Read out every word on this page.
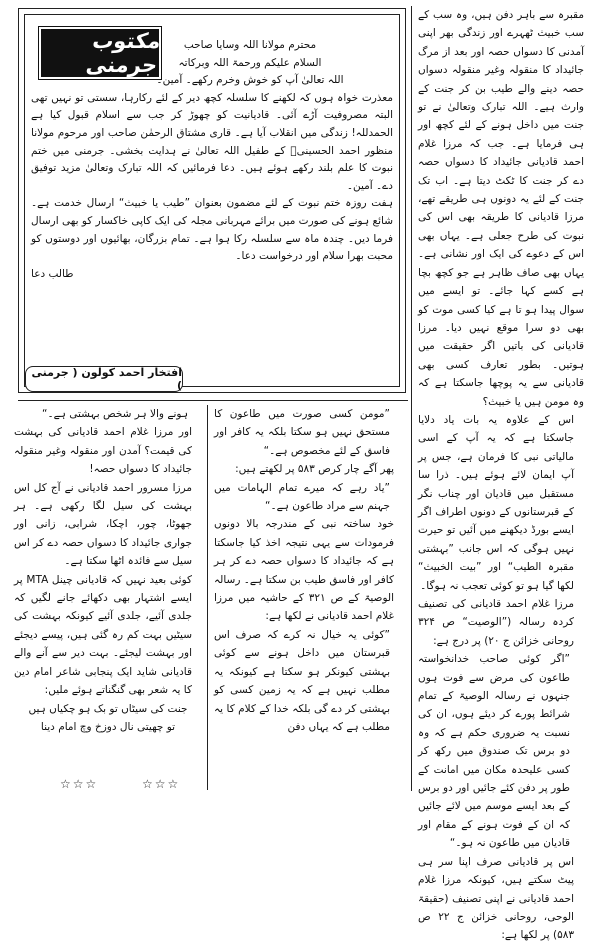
مکتوب جرمنی

محترم مولانا اللہ وسایا صاحب

السلام علیکم ورحمۃ اللہ وبرکاتہ

اللہ تعالیٰ آپ کو خوش وخرم رکھے۔ آمین۔

معذرت خواہ ہوں کہ لکھنے کا سلسلہ کچھ دیر کے لئے رکارہا، سستی تو نہیں تھی البتہ مصروفیت آڑے آئی۔ قادیانیت کو چھوڑ کر جب سے اسلام قبول کیا ہے الحمدللہ! زندگی میں انقلاب آیا ہے۔ قاری مشتاق الرحمٰن صاحب اور مرحوم مولانا منظور احمد الحسینیؒ کے طفیل اللہ تعالیٰ نے ہدایت بخشی۔ جرمنی میں ختم نبوت کا علم بلند رکھے ہوئے ہیں۔ دعا فرمائیں کہ اللہ تبارک وتعالیٰ مزید توفیق دے۔ آمین۔

ہفت روزہ ختم نبوت کے لئے مضمون بعنوان ”طیب یا خبیث“ ارسال خدمت ہے۔ شائع ہونے کی صورت میں برائے مہربانی مجلہ کی ایک کاپی خاکسار کو بھی ارسال فرما دیں۔ چندہ ماہ سے سلسلہ رکا ہوا ہے۔ تمام بزرگان، بھائیوں اور دوستوں کو محبت بھرا سلام اور درخواست دعا۔

طالب دعا

افتخار احمد کولون ( جرمنی )

مقبرہ سے باہر دفن ہیں، وہ سب کے سب خبیث ٹھہرے اور زندگی بھر اپنی آمدنی کا دسواں حصہ اور بعد از مرگ جائیداد کا منقولہ وغیر منقولہ دسواں حصہ دینے والے طیب بن کر جنت کے وارث ہیے۔ اللہ تبارک وتعالیٰ نے تو جنت میں داخل ہونے کے لئے کچھ اور ہی فرمایا ہے۔ جب کہ مرزا غلام احمد قادیانی جائیداد کا دسواں حصہ دے کر جنت کا ٹکٹ دیتا ہے۔ اب تک جنت کے لئے یہ دونوں ہی طریقے تھے، مرزا قادیانی کا طریقہ بھی اس کی نبوت کی طرح جعلی ہے۔ یہاں بھی اس کے دعوے کی ایک اور نشانی ہے۔ یہاں بھی صاف ظاہر ہے جو کچھ بچا ہے کسے کہا جائے۔ تو ایسے میں سوال پیدا ہو تا ہے کیا کسی موت کو بھی دو سرا موقع نہیں دیا۔ مرزا قادیانی کی باتیں اگر حقیقت میں ہوتیں۔ بطور تعارف کسی بھی قادیانی سے یہ پوچھا جاسکتا ہے کہ وہ مومن ہیں یا خبیث؟

اس کے علاوہ یہ بات یاد دلایا جاسکتا ہے کہ یہ آپ کے اسی مالیاتی نبی کا فرمان ہے، جس پر آپ ایمان لائے ہوئے ہیں۔ ذرا سا مستقبل میں قادیان اور چناب نگر کے قبرستانوں کے دونوں اطراف اگر ایسے بورڈ دیکھنے میں آئیں تو حیرت نہیں ہوگی کہ اس جانب ”بہشتی مقبرہ الطیب“ اور ”بیت الخبیث“ لکھا گیا ہو تو کوئی تعجب نہ ہوگا۔

مرزا غلام احمد قادیانی کی تصنیف کردہ رسالہ (”الوصیت“ ص ۳۲۴ روحانی خزائن ج ۲۰) پر درج ہے:

”اگر کوئی صاحب خدانخواستہ طاعون کی مرض سے فوت ہوں جنہوں نے رسالہ الوصیۃ کے تمام شرائط پورے کر دیئے ہوں، ان کی نسبت یہ ضروری حکم ہے کہ وہ دو برس تک صندوق میں رکھ کر کسی علیحدہ مکان میں امانت کے طور پر دفن کئے جائیں اور دو برس کے بعد ایسے موسم میں لائے جائیں کہ ان کے فوت ہونے کے مقام اور قادیان میں طاعون نہ ہو۔“

اس پر قادیانی صرف اپنا سر ہی پیٹ سکتے ہیں، کیونکہ مرزا غلام احمد قادیانی نے اپنی تصنیف (حقیقۃ الوحی، روحانی خزائن ج ۲۲ ص ۵۸۳) پر لکھا ہے:

”مومن کسی صورت میں طاعون کا مستحق نہیں ہو سکتا بلکہ یہ کافر اور فاسق کے لئے مخصوص ہے۔“

پھر آگے چار کرص ۵۸۳ پر لکھتے ہیں:

”یاد رہے کہ میرے تمام الہامات میں جہنم سے مراد طاعون ہے۔“

خود ساختہ نبی کے مندرجہ بالا دونوں فرمودات سے یہی نتیجہ اخذ کیا جاسکتا ہے کہ جائیداد کا دسواں حصہ دے کر ہر کافر اور فاسق طیب بن سکتا ہے۔ رسالہ الوصیۃ کے ص ۳۲۱ کے حاشیہ میں مرزا غلام احمد قادیانی نے لکھا ہے:

”کوئی یہ خیال نہ کرے کہ صرف اس قبرستان میں داخل ہونے سے کوئی بہشتی کیونکر ہو سکتا ہے کیونکہ یہ مطلب نہیں ہے کہ یہ زمین کسی کو بہشتی کر دے گی بلکہ خدا کے کلام کا یہ مطلب ہے کہ یہاں دفن

ہونے والا ہر شخص بہشتی ہے۔“

اور مرزا غلام احمد قادیانی کی بہشت کی قیمت؟ آمدن اور منقولہ وغیر منقولہ جائیداد کا دسواں حصہ!

مرزا مسرور احمد قادیانی نے آج کل اس بہشت کی سیل لگا رکھی ہے۔ ہر جھوٹا، چور، اچکا، شرابی، زانی اور جواری جائیداد کا دسواں حصہ دے کر اس سیل سے فائدہ اٹھا سکتا ہے۔

کوئی بعید نہیں کہ قادیانی چینل MTA پر ایسے اشتہار بھی دکھائے جانے لگیں کہ جلدی آئیے، جلدی آئیے کیونکہ بہشت کی سیٹیں بہت کم رہ گئی ہیں، پیسے دیجئے اور بہشت لیجئے۔ بہت دیر سے آنے والے قادیانی شاید ایک پنجابی شاعر امام دین کا یہ شعر بھی گنگناتے ہوئے ملیں:

جنت کی سیٹاں تو بک ہو چکیاں ہیں

تو چھیتی نال دوزخ وچ امام دینا

☆☆☆	☆☆☆
